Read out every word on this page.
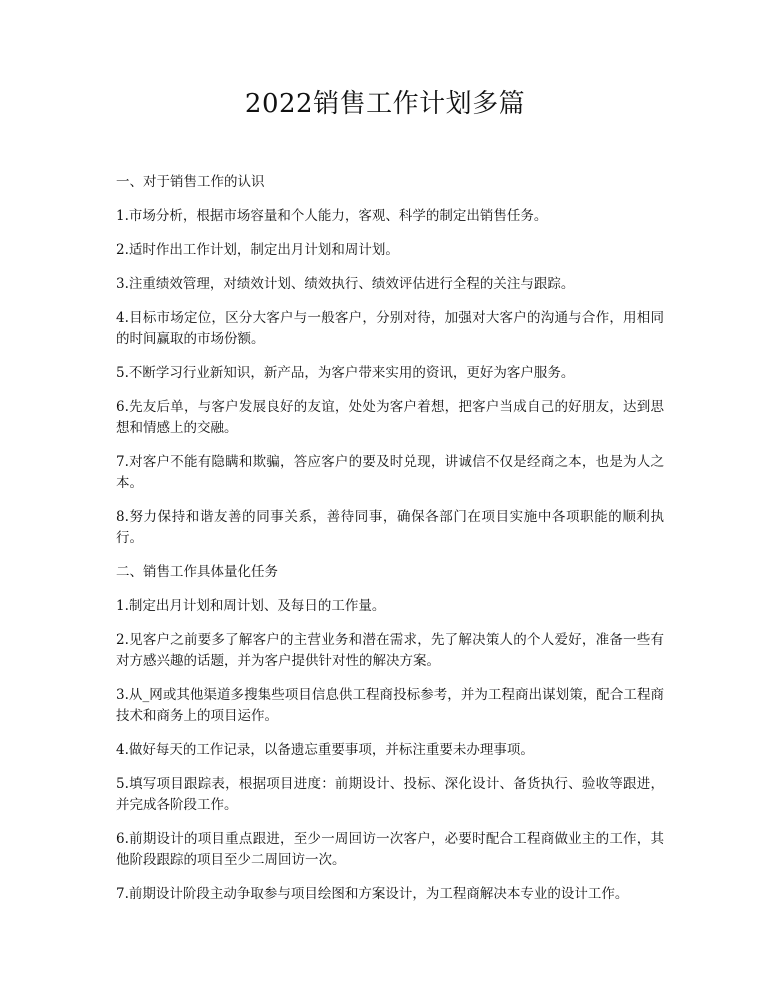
2022销售工作计划多篇

一、对于销售工作的认识

1.市场分析，根据市场容量和个人能力，客观、科学的制定出销售任务。

2.适时作出工作计划，制定出月计划和周计划。

3.注重绩效管理，对绩效计划、绩效执行、绩效评估进行全程的关注与跟踪。

4.目标市场定位，区分大客户与一般客户，分别对待，加强对大客户的沟通与合作，用相同的时间赢取的市场份额。

5.不断学习行业新知识，新产品，为客户带来实用的资讯，更好为客户服务。

6.先友后单，与客户发展良好的友谊，处处为客户着想，把客户当成自己的好朋友，达到思想和情感上的交融。

7.对客户不能有隐瞒和欺骗，答应客户的要及时兑现，讲诚信不仅是经商之本，也是为人之本。

8.努力保持和谐友善的同事关系，善待同事，确保各部门在项目实施中各项职能的顺利执行。

二、销售工作具体量化任务

1.制定出月计划和周计划、及每日的工作量。

2.见客户之前要多了解客户的主营业务和潜在需求，先了解决策人的个人爱好，准备一些有对方感兴趣的话题，并为客户提供针对性的解决方案。

3.从_网或其他渠道多搜集些项目信息供工程商投标参考，并为工程商出谋划策，配合工程商技术和商务上的项目运作。

4.做好每天的工作记录，以备遗忘重要事项，并标注重要未办理事项。

5.填写项目跟踪表，根据项目进度：前期设计、投标、深化设计、备货执行、验收等跟进，并完成各阶段工作。

6.前期设计的项目重点跟进，至少一周回访一次客户，必要时配合工程商做业主的工作，其他阶段跟踪的项目至少二周回访一次。

7.前期设计阶段主动争取参与项目绘图和方案设计，为工程商解决本专业的设计工作。
